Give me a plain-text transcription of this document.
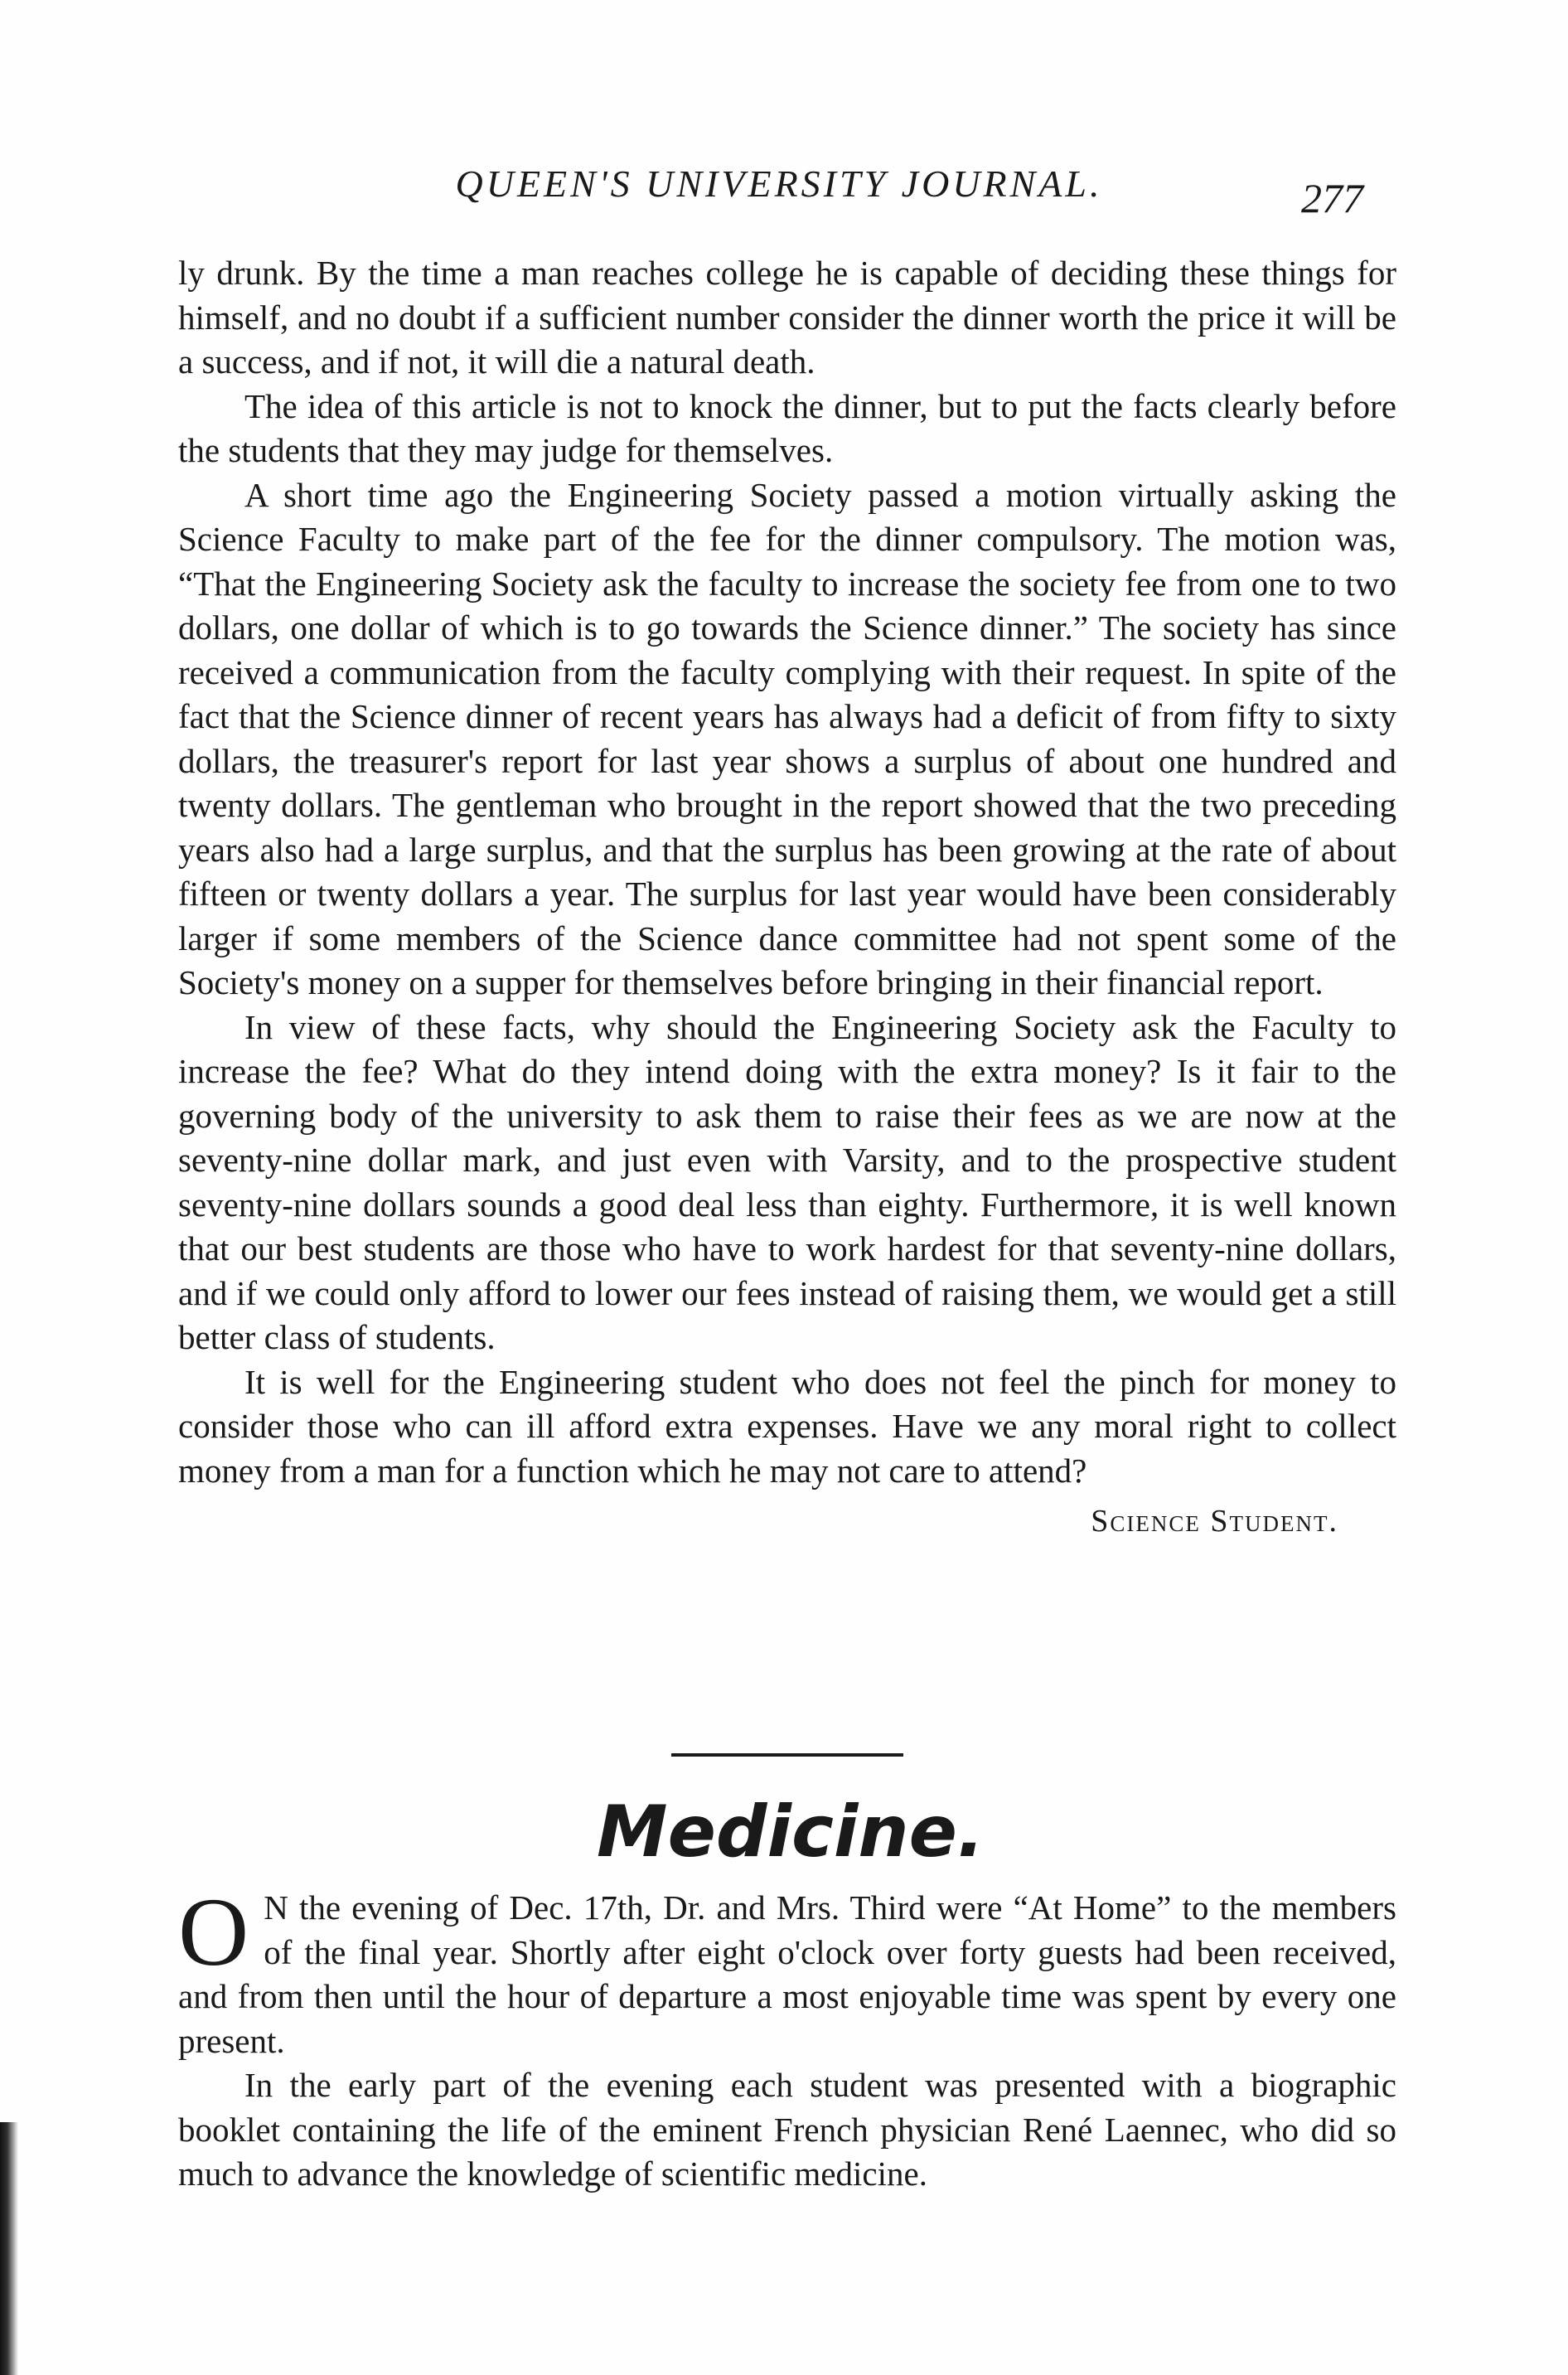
QUEEN'S UNIVERSITY JOURNAL.	277

ly drunk. By the time a man reaches college he is capable of deciding these things for himself, and no doubt if a sufficient number consider the dinner worth the price it will be a success, and if not, it will die a natural death.

The idea of this article is not to knock the dinner, but to put the facts clearly before the students that they may judge for themselves.

A short time ago the Engineering Society passed a motion virtually asking the Science Faculty to make part of the fee for the dinner compulsory. The motion was, “That the Engineering Society ask the faculty to increase the society fee from one to two dollars, one dollar of which is to go towards the Science dinner.” The society has since received a communication from the faculty complying with their request. In spite of the fact that the Science dinner of recent years has always had a deficit of from fifty to sixty dollars, the treasurer's report for last year shows a surplus of about one hundred and twenty dollars. The gentleman who brought in the report showed that the two preceding years also had a large surplus, and that the surplus has been growing at the rate of about fifteen or twenty dollars a year. The surplus for last year would have been considerably larger if some members of the Science dance committee had not spent some of the Society's money on a supper for themselves before bringing in their financial report.

In view of these facts, why should the Engineering Society ask the Faculty to increase the fee? What do they intend doing with the extra money? Is it fair to the governing body of the university to ask them to raise their fees as we are now at the seventy-nine dollar mark, and just even with Varsity, and to the prospective student seventy-nine dollars sounds a good deal less than eighty. Furthermore, it is well known that our best students are those who have to work hardest for that seventy-nine dollars, and if we could only afford to lower our fees instead of raising them, we would get a still better class of students.

It is well for the Engineering student who does not feel the pinch for money to consider those who can ill afford extra expenses. Have we any moral right to collect money from a man for a function which he may not care to attend?

Science Student.

Medicine.

O N the evening of Dec. 17th, Dr. and Mrs. Third were “At Home” to the members of the final year. Shortly after eight o'clock over forty guests had been received, and from then until the hour of departure a most enjoyable time was spent by every one present.

In the early part of the evening each student was presented with a biographic booklet containing the life of the eminent French physician René Laennec, who did so much to advance the knowledge of scientific medicine.
